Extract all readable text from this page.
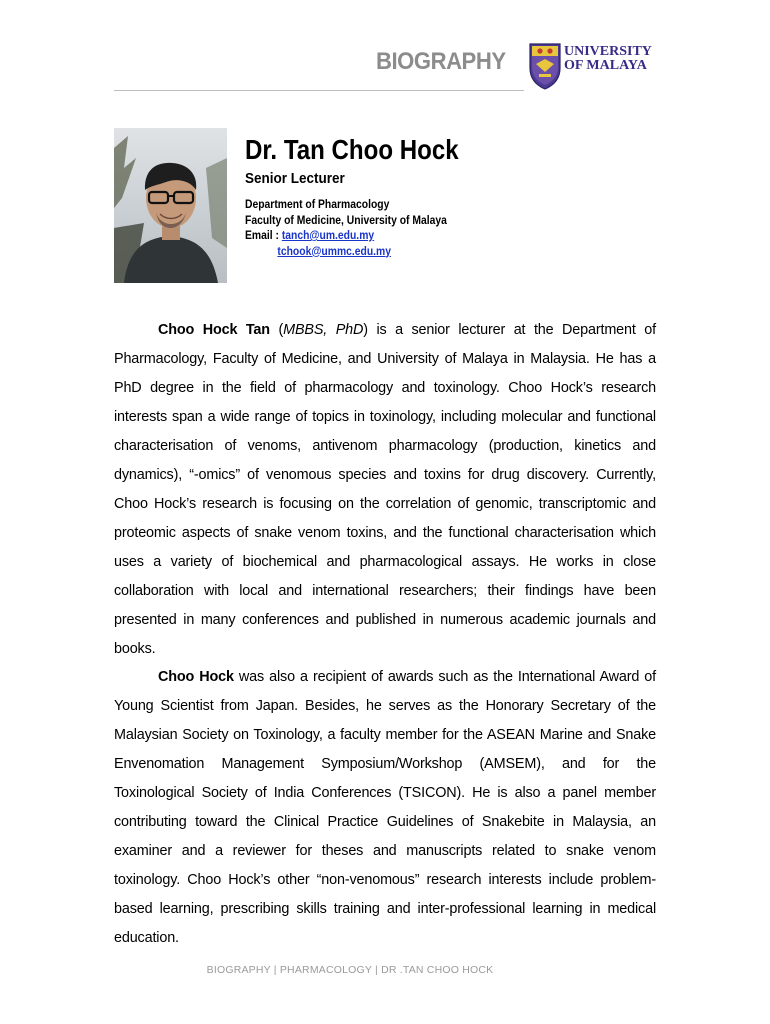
BIOGRAPHY	UNIVERSITY
OF MALAYA
Dr. Tan Choo Hock
Senior Lecturer
Department of Pharmacology
Faculty of Medicine, University of Malaya
Email : tanch@um.edu.my
tchook@ummc.edu.my

Choo Hock Tan (MBBS, PhD) is a senior lecturer at the Department of Pharmacology, Faculty of Medicine, and University of Malaya in Malaysia. He has a PhD degree in the field of pharmacology and toxinology. Choo Hock’s research interests span a wide range of topics in toxinology, including molecular and functional characterisation of venoms, antivenom pharmacology (production, kinetics and dynamics), “-omics” of venomous species and toxins for drug discovery. Currently, Choo Hock’s research is focusing on the correlation of genomic, transcriptomic and proteomic aspects of snake venom toxins, and the functional characterisation which uses a variety of biochemical and pharmacological assays. He works in close collaboration with local and international researchers; their findings have been presented in many conferences and published in numerous academic journals and books.

Choo Hock was also a recipient of awards such as the International Award of Young Scientist from Japan. Besides, he serves as the Honorary Secretary of the Malaysian Society on Toxinology, a faculty member for the ASEAN Marine and Snake Envenomation Management Symposium/Workshop (AMSEM), and for the Toxinological Society of India Conferences (TSICON). He is also a panel member contributing toward the Clinical Practice Guidelines of Snakebite in Malaysia, an examiner and a reviewer for theses and manuscripts related to snake venom toxinology. Choo Hock’s other “non-venomous” research interests include problem-based learning, prescribing skills training and inter-professional learning in medical education.

BIOGRAPHY | PHARMACOLOGY | DR .TAN CHOO HOCK
